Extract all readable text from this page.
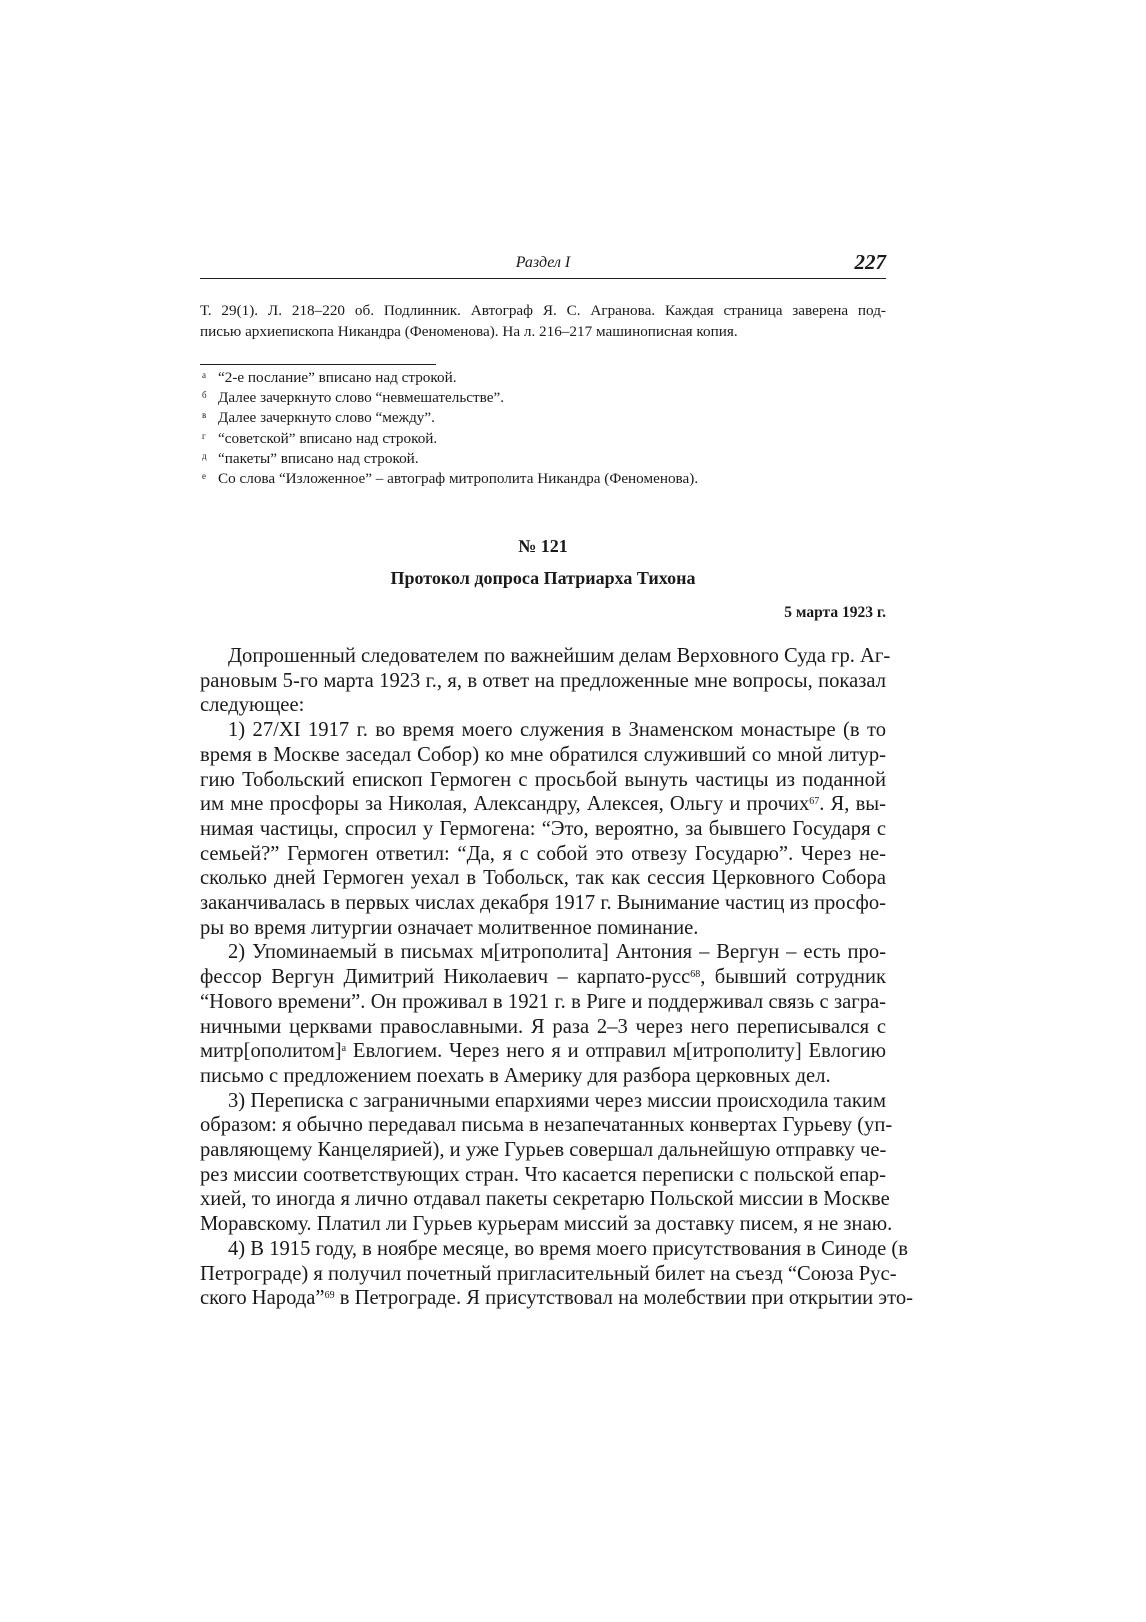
Раздел I	227
Т. 29(1). Л. 218–220 об. Подлинник. Автограф Я. С. Агранова. Каждая страница заверена под-
писью архиепископа Никандра (Феноменова). На л. 216–217 машинописная копия.
а “2-е послание” вписано над строкой.
б Далее зачеркнуто слово “невмешательстве”.
в Далее зачеркнуто слово “между”.
г “советской” вписано над строкой.
д “пакеты” вписано над строкой.
е Со слова “Изложенное” – автограф митрополита Никандра (Феноменова).
№ 121
Протокол допроса Патриарха Тихона
5 марта 1923 г.
Допрошенный следователем по важнейшим делам Верховного Суда гр. Аг-
рановым 5-го марта 1923 г., я, в ответ на предложенные мне вопросы, показал
следующее:
1) 27/XI 1917 г. во время моего служения в Знаменском монастыре (в то
время в Москве заседал Собор) ко мне обратился служивший со мной литур-
гию Тобольский епископ Гермоген с просьбой вынуть частицы из поданной
им мне просфоры за Николая, Александру, Алексея, Ольгу и прочих$^{67}$. Я, вы-
нимая частицы, спросил у Гермогена: “Это, вероятно, за бывшего Государя с
семьей?” Гермоген ответил: “Да, я с собой это отвезу Государю”. Через не-
сколько дней Гермоген уехал в Тобольск, так как сессия Церковного Собора
заканчивалась в первых числах декабря 1917 г. Вынимание частиц из просфо-
ры во время литургии означает молитвенное поминание.
2) Упоминаемый в письмах м[итрополита] Антония – Вергун – есть про-
фессор Вергун Димитрий Николаевич – карпато-русс$^{68}$, бывший сотрудник
“Нового времени”. Он проживал в 1921 г. в Риге и поддерживал связь с загра-
ничными церквами православными. Я раза 2–3 через него переписывался с
митр[ополитом]$^а$ Евлогием. Через него я и отправил м[итрополиту] Евлогию
письмо с предложением поехать в Америку для разбора церковных дел.
3) Переписка с заграничными епархиями через миссии происходила таким
образом: я обычно передавал письма в незапечатанных конвертах Гурьеву (уп-
равляющему Канцелярией), и уже Гурьев совершал дальнейшую отправку че-
рез миссии соответствующих стран. Что касается переписки с польской епар-
хией, то иногда я лично отдавал пакеты секретарю Польской миссии в Москве
Моравскому. Платил ли Гурьев курьерам миссий за доставку писем, я не знаю.
4) В 1915 году, в ноябре месяце, во время моего присутствования в Синоде (в
Петрограде) я получил почетный пригласительный билет на съезд “Союза Рус-
ского Народа”$^{69}$ в Петрограде. Я присутствовал на молебствии при открытии это-
